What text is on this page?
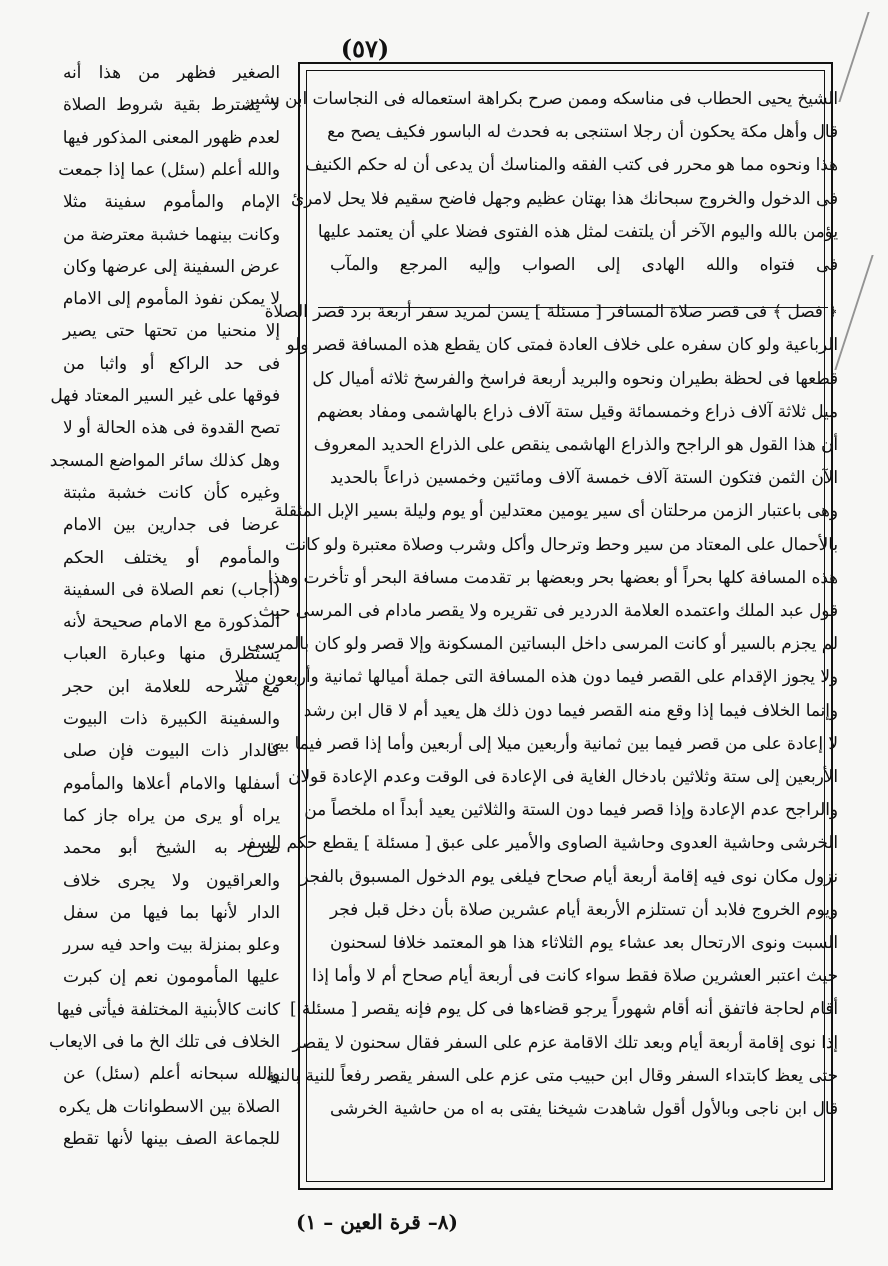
(٥٧)
الشيخ يحيى الحطاب فى مناسكه وممن صرح بكراهة استعماله فى النجاسات ابن بشير
قال وأهل مكة يحكون أن رجلا استنجى به فحدث له الباسور فكيف يصح مع
هذا ونحوه مما هو محرر فى كتب الفقه والمناسك أن يدعى أن له حكم الكنيف
فى الدخول والخروج سبحانك هذا بهتان عظيم وجهل فاضح سقيم فلا يحل لامرئ
يؤمن بالله واليوم الآخر أن يلتفت لمثل هذه الفتوى فضلا علي أن يعتمد عليها
فى فتواه والله الهادى إلى الصواب وإليه المرجع والمآب
﴿ فصل ﴾ فى قصر صلاة المسافر [ مسئلة ] يسن لمريد سفر أربعة برد قصر الصلاة
الرباعية ولو كان سفره على خلاف العادة فمتى كان يقطع هذه المسافة قصر ولو
قطعها فى لحظة بطيران ونحوه والبريد أربعة فراسخ والفرسخ ثلاثه أميال كل
ميل ثلاثة آلاف ذراع وخمسمائة وقيل ستة آلاف ذراع بالهاشمى ومفاد بعضهم
أن هذا القول هو الراجح والذراع الهاشمى ينقص على الذراع الحديد المعروف
الآن الثمن فتكون الستة آلاف خمسة آلاف ومائتين وخمسين ذراعاً بالحديد
وهى باعتبار الزمن مرحلتان أى سير يومين معتدلين أو يوم وليلة بسير الإبل المثقلة
بالأحمال على المعتاد من سير وحط وترحال وأكل وشرب وصلاة معتبرة ولو كانت
هذه المسافة كلها بحراً أو بعضها بحر وبعضها بر تقدمت مسافة البحر أو تأخرت وهذا
قول عبد الملك واعتمده العلامة الدردير فى تقريره ولا يقصر مادام فى المرسى حيث
لم يجزم بالسير أو كانت المرسى داخل البساتين المسكونة وإلا قصر ولو كان بالمرسى
ولا يجوز الإقدام على القصر فيما دون هذه المسافة التى جملة أميالها ثمانية وأربعون ميلا
وإنما الخلاف فيما إذا وقع منه القصر فيما دون ذلك هل يعيد أم لا قال ابن رشد
لا إعادة على من قصر فيما بين ثمانية وأربعين ميلا إلى أربعين وأما إذا قصر فيما بين
الأربعين إلى ستة وثلاثين بادخال الغاية فى الإعادة فى الوقت وعدم الإعادة قولان
والراجح عدم الإعادة وإذا قصر فيما دون الستة والثلاثين يعيد أبداً اه ملخصاً من
الخرشى وحاشية العدوى وحاشية الصاوى والأمير على عبق [ مسئلة ] يقطع حكم السفر
نزول مكان نوى فيه إقامة أربعة أيام صحاح فيلغى يوم الدخول المسبوق بالفجر
ويوم الخروج فلابد أن تستلزم الأربعة أيام عشرين صلاة بأن دخل قبل فجر
السبت ونوى الارتحال بعد عشاء يوم الثلاثاء هذا هو المعتمد خلافا لسحنون
حيث اعتبر العشرين صلاة فقط سواء كانت فى أربعة أيام صحاح أم لا وأما إذا
أقام لحاجة فاتفق أنه أقام شهوراً يرجو قضاءها فى كل يوم فإنه يقصر [ مسئلة ]
إذا نوى إقامة أربعة أيام وبعد تلك الاقامة عزم على السفر فقال سحنون لا يقصر
حتى يعظ كابتداء السفر وقال ابن حبيب متى عزم على السفر يقصر رفعاً للنية بالنية
قال ابن ناجى وبالأول أقول شاهدت شيخنا يفتى به اه من حاشية الخرشى
الصغير فظهر من هذا أنه
لا يشترط بقية شروط الصلاة
لعدم ظهور المعنى المذكور فيها
والله أعلم (سئل) عما إذا جمعت
الإمام والمأموم سفينة مثلا
وكانت بينهما خشبة معترضة من
عرض السفينة إلى عرضها وكان
لا يمكن نفوذ المأموم إلى الامام
إلا منحنيا من تحتها حتى يصير
فى حد الراكع أو واثبا من
فوقها على غير السير المعتاد فهل
تصح القدوة فى هذه الحالة أو لا
وهل كذلك سائر المواضع المسجد
وغيره كأن كانت خشبة مثبتة
عرضا فى جدارين بين الامام
والمأموم أو يختلف الحكم
(أجاب) نعم الصلاة فى السفينة
المذكورة مع الامام صحيحة لأنه
يستطرق منها وعبارة العباب
مع شرحه للعلامة ابن حجر
والسفينة الكبيرة ذات البيوت
كالدار ذات البيوت فإن صلى
أسفلها والامام أعلاها والمأموم
يراه أو يرى من يراه جاز كما
صرح به الشيخ أبو محمد
والعراقيون ولا يجرى خلاف
الدار لأنها بما فيها من سفل
وعلو بمنزلة بيت واحد فيه سرر
عليها المأمومون نعم إن كبرت
كانت كالأبنية المختلفة فيأتى فيها
الخلاف فى تلك الخ ما فى الايعاب
والله سبحانه أعلم (سئل) عن
الصلاة بين الاسطوانات هل يكره
للجماعة الصف بينها لأنها تقطع
(٨– قرة العين – ١)
